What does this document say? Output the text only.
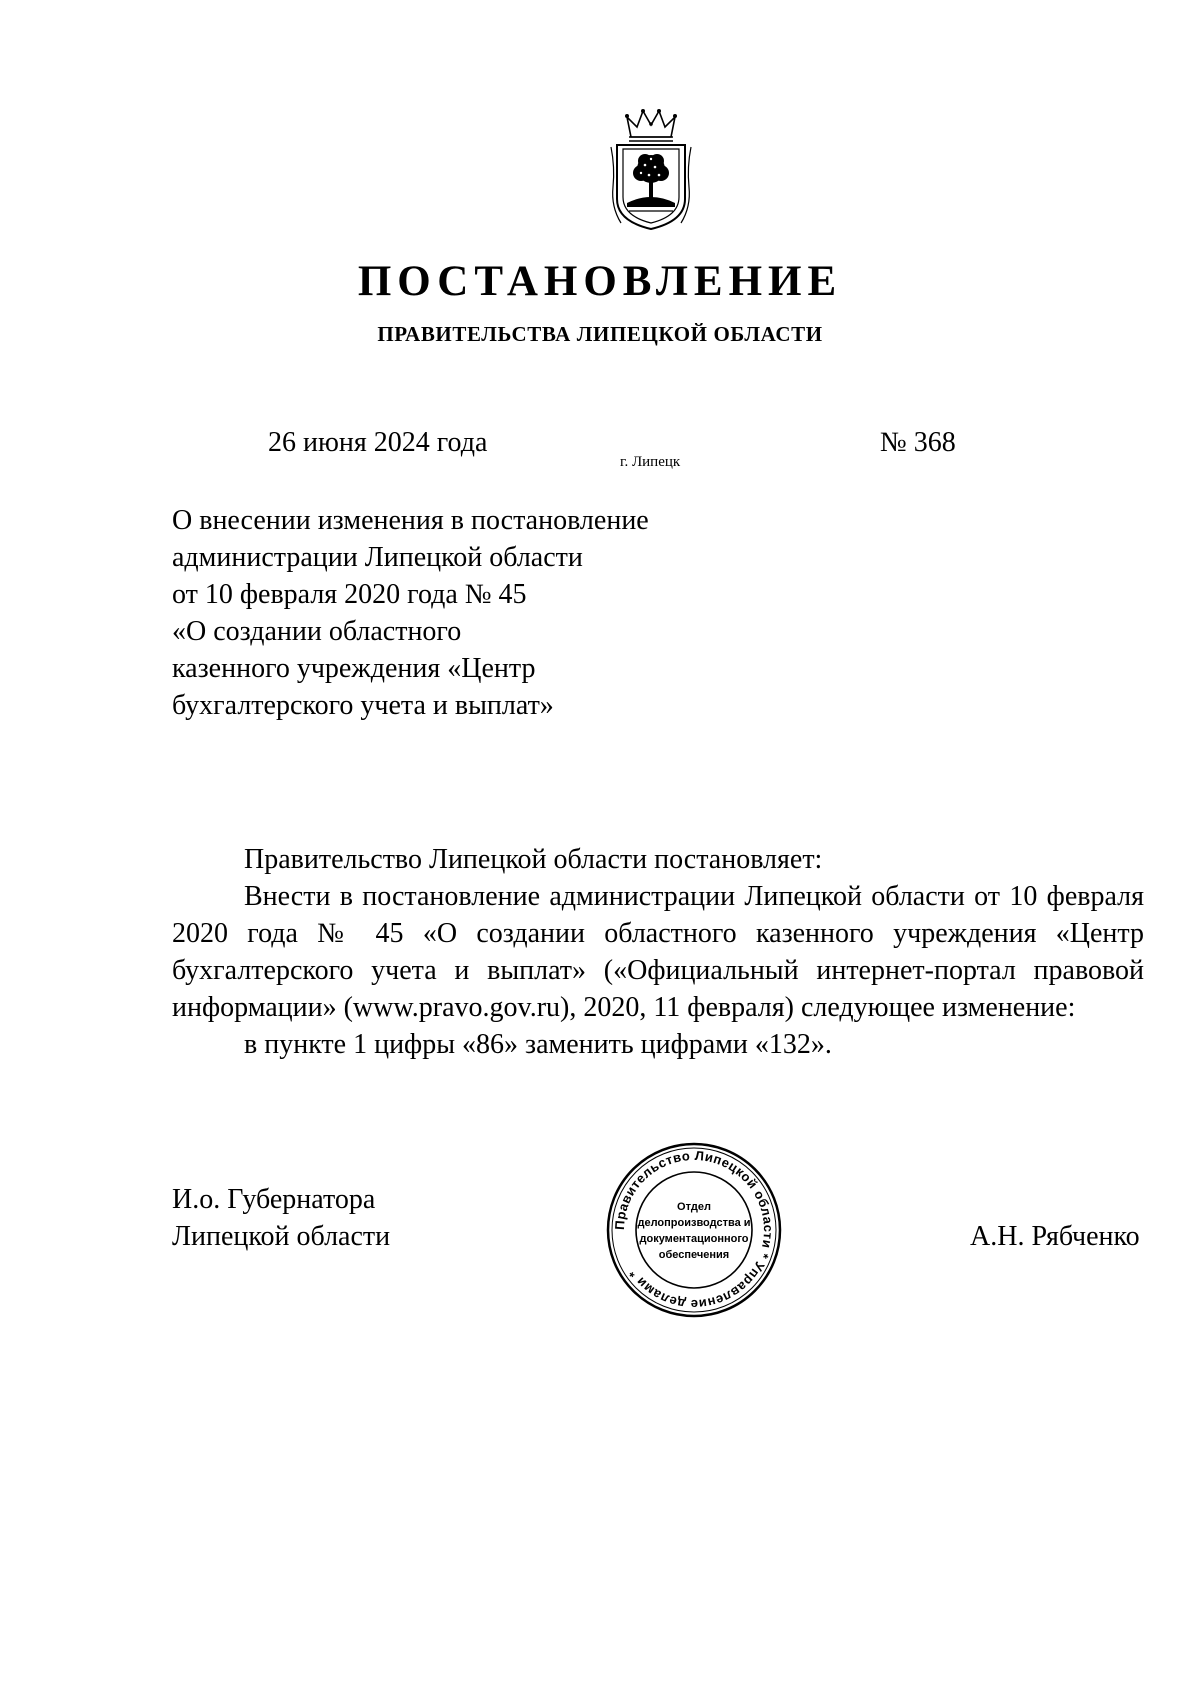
ПОСТАНОВЛЕНИЕ
ПРАВИТЕЛЬСТВА ЛИПЕЦКОЙ ОБЛАСТИ
26 июня 2024 года
г. Липецк
№ 368
О внесении изменения в постановление
администрации Липецкой области
от 10 февраля 2020 года № 45
«О создании областного
казенного учреждения «Центр
бухгалтерского учета и выплат»

Правительство Липецкой области постановляет:

Внести в постановление администрации Липецкой области от 10 февраля 2020 года № 45 «О создании областного казенного учреждения «Центр бухгалтерского учета и выплат» («Официальный интернет-портал правовой информации» (www.pravo.gov.ru), 2020, 11 февраля) следующее изменение:

в пункте 1 цифры «86» заменить цифрами «132».

И.о. Губернатора
Липецкой области	Правительство Липецкой области * Управление делами *
Отдел
делопроизводства и
документационного
обеспечения
А.Н. Рябченко
